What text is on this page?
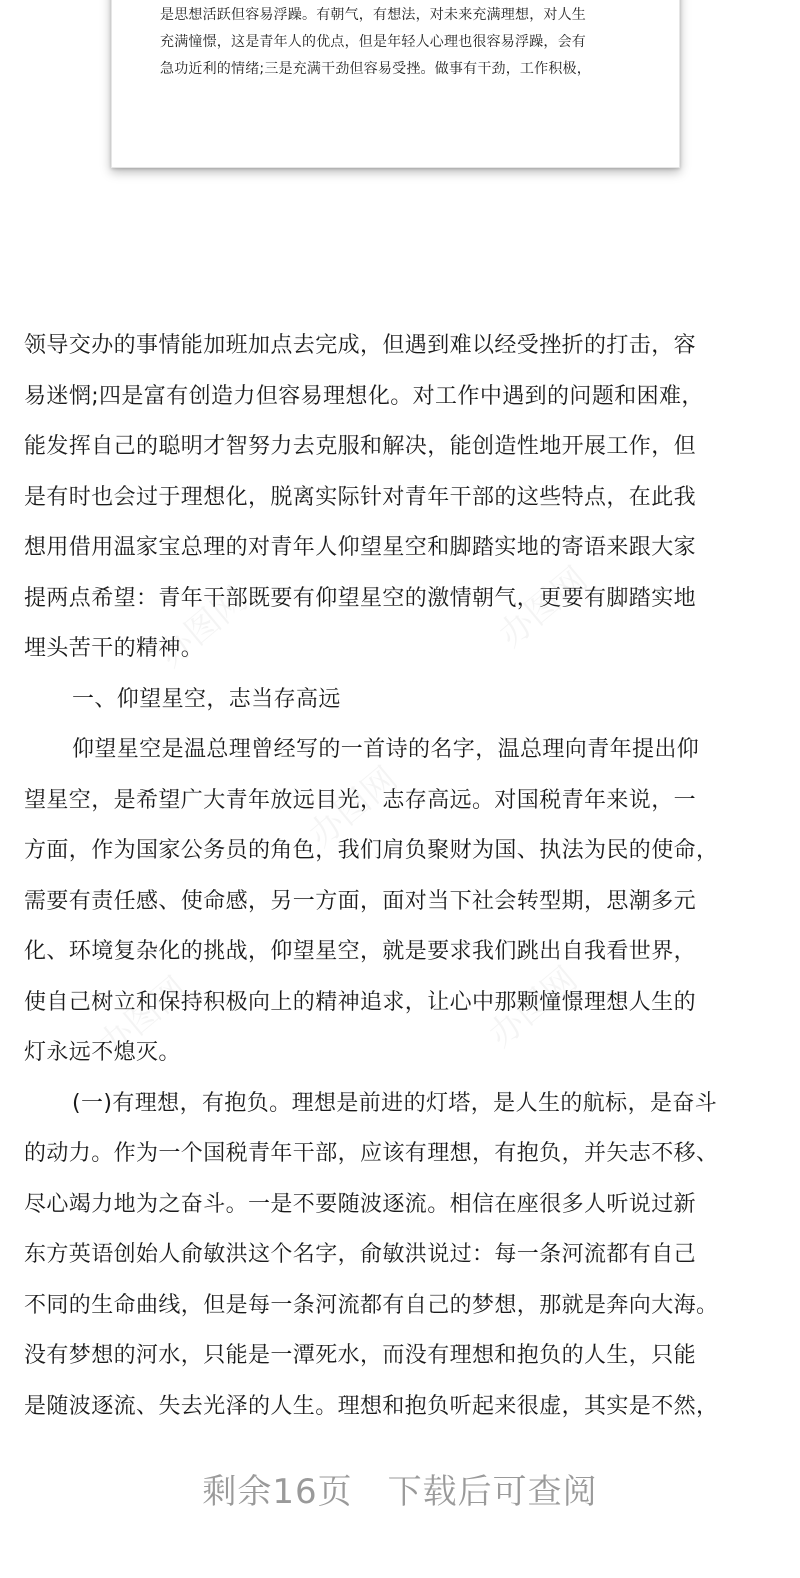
是思想活跃但容易浮躁。有朝气，有想法，对未来充满理想，对人生
充满憧憬，这是青年人的优点，但是年轻人心理也很容易浮躁，会有
急功近利的情绪;三是充满干劲但容易受挫。做事有干劲，工作积极，
领导交办的事情能加班加点去完成，但遇到难以经受挫折的打击，容
易迷惘;四是富有创造力但容易理想化。对工作中遇到的问题和困难，
能发挥自己的聪明才智努力去克服和解决，能创造性地开展工作，但
是有时也会过于理想化，脱离实际针对青年干部的这些特点，在此我
想用借用温家宝总理的对青年人仰望星空和脚踏实地的寄语来跟大家
提两点希望：青年干部既要有仰望星空的激情朝气，更要有脚踏实地
埋头苦干的精神。
一、仰望星空，志当存高远
仰望星空是温总理曾经写的一首诗的名字，温总理向青年提出仰
望星空，是希望广大青年放远目光，志存高远。对国税青年来说，一
方面，作为国家公务员的角色，我们肩负聚财为国、执法为民的使命，
需要有责任感、使命感，另一方面，面对当下社会转型期，思潮多元
化、环境复杂化的挑战，仰望星空，就是要求我们跳出自我看世界，
使自己树立和保持积极向上的精神追求，让心中那颗憧憬理想人生的
灯永远不熄灭。
(一)有理想，有抱负。理想是前进的灯塔，是人生的航标，是奋斗
的动力。作为一个国税青年干部，应该有理想，有抱负，并矢志不移、
尽心竭力地为之奋斗。一是不要随波逐流。相信在座很多人听说过新
东方英语创始人俞敏洪这个名字，俞敏洪说过：每一条河流都有自己
不同的生命曲线，但是每一条河流都有自己的梦想，那就是奔向大海。
没有梦想的河水，只能是一潭死水，而没有理想和抱负的人生，只能
是随波逐流、失去光泽的人生。理想和抱负听起来很虚，其实是不然，
剩余16页　下载后可查阅
